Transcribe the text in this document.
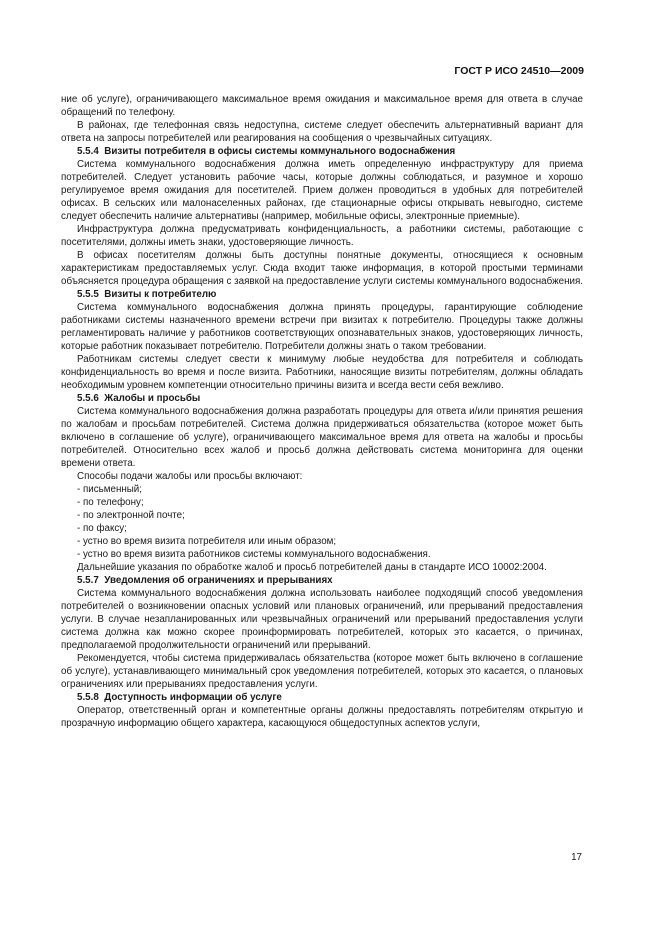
ГОСТ Р ИСО 24510—2009

ние об услуге), ограничивающего максимальное время ожидания и максимальное время для ответа в случае обращений по телефону.

В районах, где телефонная связь недоступна, системе следует обеспечить альтернативный вариант для ответа на запросы потребителей или реагирования на сообщения о чрезвычайных ситуациях.

5.5.4 Визиты потребителя в офисы системы коммунального водоснабжения

Система коммунального водоснабжения должна иметь определенную инфраструктуру для приема потребителей. Следует установить рабочие часы, которые должны соблюдаться, и разумное и хорошо регулируемое время ожидания для посетителей. Прием должен проводиться в удобных для потребителей офисах. В сельских или малонаселенных районах, где стационарные офисы открывать невыгодно, системе следует обеспечить наличие альтернативы (например, мобильные офисы, электронные приемные).

Инфраструктура должна предусматривать конфиденциальность, а работники системы, работающие с посетителями, должны иметь знаки, удостоверяющие личность.

В офисах посетителям должны быть доступны понятные документы, относящиеся к основным характеристикам предоставляемых услуг. Сюда входит также информация, в которой простыми терминами объясняется процедура обращения с заявкой на предоставление услуги системы коммунального водоснабжения.

5.5.5 Визиты к потребителю

Система коммунального водоснабжения должна принять процедуры, гарантирующие соблюдение работниками системы назначенного времени встречи при визитах к потребителю. Процедуры также должны регламентировать наличие у работников соответствующих опознавательных знаков, удостоверяющих личность, которые работник показывает потребителю. Потребители должны знать о таком требовании.

Работникам системы следует свести к минимуму любые неудобства для потребителя и соблюдать конфиденциальность во время и после визита. Работники, наносящие визиты потребителям, должны обладать необходимым уровнем компетенции относительно причины визита и всегда вести себя вежливо.

5.5.6 Жалобы и просьбы

Система коммунального водоснабжения должна разработать процедуры для ответа и/или принятия решения по жалобам и просьбам потребителей. Система должна придерживаться обязательства (которое может быть включено в соглашение об услуге), ограничивающего максимальное время для ответа на жалобы и просьбы потребителей. Относительно всех жалоб и просьб должна действовать система мониторинга для оценки времени ответа.

Способы подачи жалобы или просьбы включают:

- письменный;
- по телефону;
- по электронной почте;
- по факсу;
- устно во время визита потребителя или иным образом;
- устно во время визита работников системы коммунального водоснабжения.

Дальнейшие указания по обработке жалоб и просьб потребителей даны в стандарте ИСО 10002:2004.

5.5.7 Уведомления об ограничениях и прерываниях

Система коммунального водоснабжения должна использовать наиболее подходящий способ уведомления потребителей о возникновении опасных условий или плановых ограничений, или прерываний предоставления услуги. В случае незапланированных или чрезвычайных ограничений или прерываний предоставления услуги система должна как можно скорее проинформировать потребителей, которых это касается, о причинах, предполагаемой продолжительности ограничений или прерываний.

Рекомендуется, чтобы система придерживалась обязательства (которое может быть включено в соглашение об услуге), устанавливающего минимальный срок уведомления потребителей, которых это касается, о плановых ограничениях или прерываниях предоставления услуги.

5.5.8 Доступность информации об услуге

Оператор, ответственный орган и компетентные органы должны предоставлять потребителям открытую и прозрачную информацию общего характера, касающуюся общедоступных аспектов услуги,

17
